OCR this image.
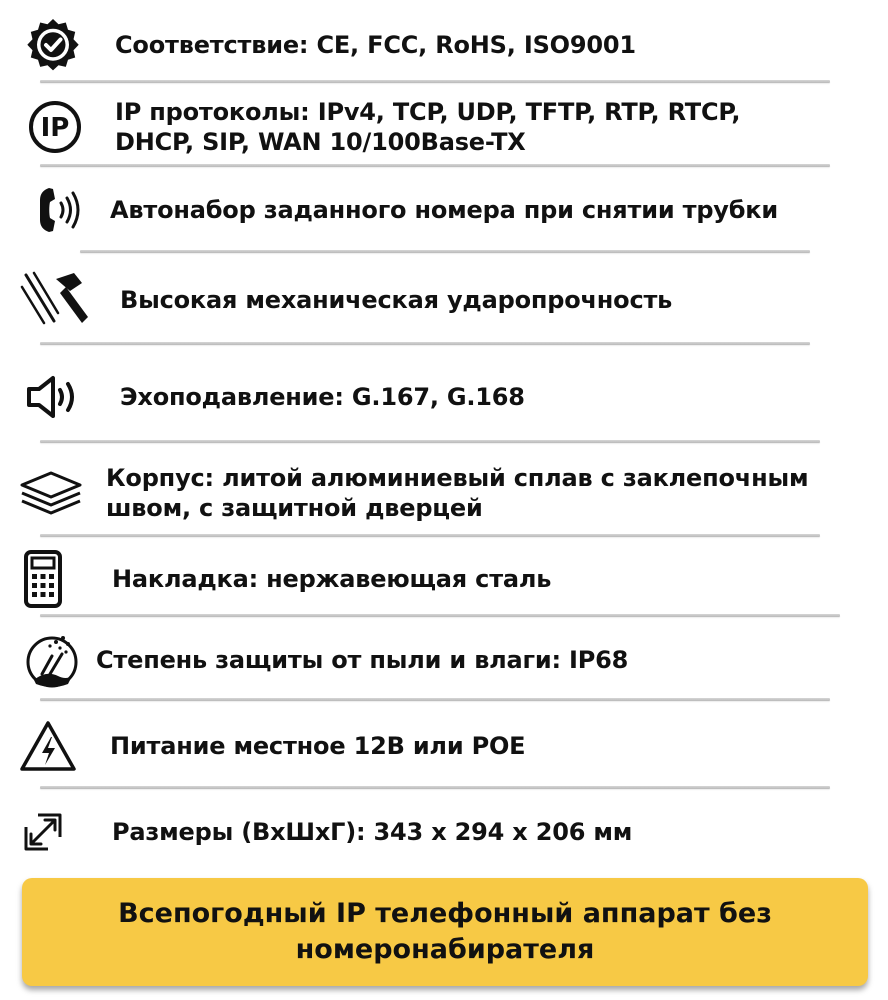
Соответствие: CE, FCC, RoHS, ISO9001
IP
IP протоколы: IPv4, TCP, UDP, TFTP, RTP, RTCP,
DHCP, SIP, WAN 10/100Base-TX
Автонабор заданного номера при снятии трубки
Высокая механическая ударопрочность
Эхоподавление: G.167, G.168
Корпус: литой алюминиевый сплав с заклепочным
швом, с защитной дверцей
Накладка: нержавеющая сталь
Степень защиты от пыли и влаги: IP68
Питание местное 12В или POE
Размеры (ВхШхГ): 343 x 294 x 206 мм
Всепогодный IP телефонный аппарат без
номеронабирателя
